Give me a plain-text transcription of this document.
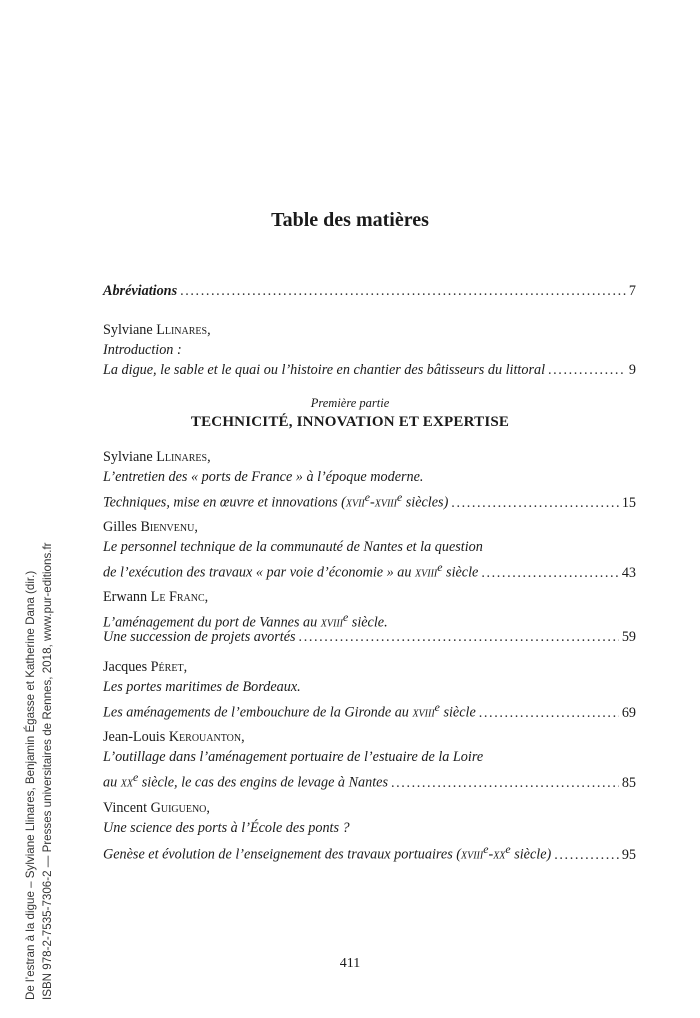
Table des matières
Abréviations .....	7
Sylviane Llinares,
Introduction :
La digue, le sable et le quai ou l’histoire en chantier des bâtisseurs du littoral .....	9
Sylviane Llinares,
L’entretien des « ports de France » à l’époque moderne.
Techniques, mise en œuvre et innovations (xvii$^e$-xviii$^e$ siècles) .....	15
Gilles Bienvenu,
Le personnel technique de la communauté de Nantes et la question
de l’exécution des travaux « par voie d’économie » au xviii$^e$ siècle .....	43
Erwann Le Franc,
L’aménagement du port de Vannes au xviii$^e$ siècle.
Une succession de projets avortés .....	59
Jacques Péret,
Les portes maritimes de Bordeaux.
Les aménagements de l’embouchure de la Gironde au xviii$^e$ siècle .....	69
Jean-Louis Kerouanton,
L’outillage dans l’aménagement portuaire de l’estuaire de la Loire
au $xx^e$ siècle, le cas des engins de levage à Nantes .....	85
Vincent Guigueno,
Une science des ports à l’École des ponts ?
Genèse et évolution de l’enseignement des travaux portuaires ($xviii^e-xx^e$ siècle) .....	95
Première partie
TECHNICITÉ, INNOVATION ET EXPERTISE
411
De l’estran à la digue – Sylviane Llinares, Benjamin Égasse et Katherine Dana (dir.) ISBN 978-2-7535-7306-2 — Presses universitaires de Rennes, 2018, www.pur-editions.fr
